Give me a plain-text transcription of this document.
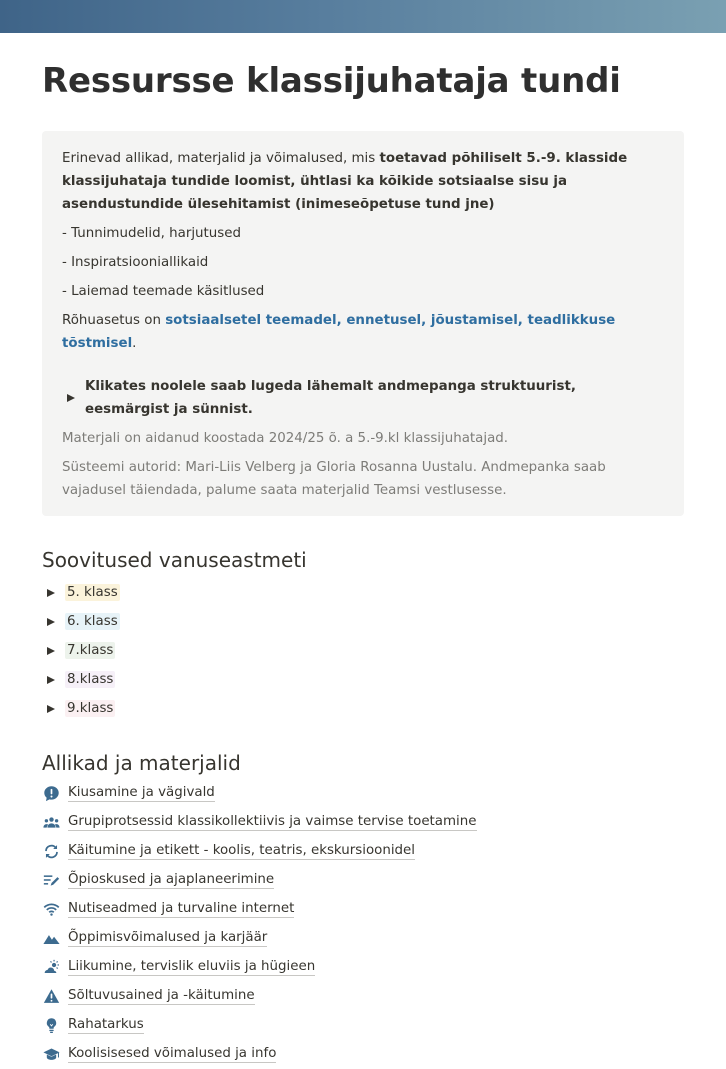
Ressursse klassijuhataja tundi

Erinevad allikad, materjalid ja võimalused, mis toetavad põhiliselt 5.-9. klasside klassijuhataja tundide loomist, ühtlasi ka kõikide sotsiaalse sisu ja asendustundide ülesehitamist (inimeseõpetuse tund jne)

- Tunnimudelid, harjutused

- Inspiratsiooniallikaid

- Laiemad teemade käsitlused

Rõhuasetus on sotsiaalsetel teemadel, ennetusel, jõustamisel, teadlikkuse tõstmisel.

Klikates noolele saab lugeda lähemalt andmepanga struktuurist, eesmärgist ja sünnist.

Materjali on aidanud koostada 2024/25 õ. a 5.-9.kl klassijuhatajad.

Süsteemi autorid: Mari-Liis Velberg ja Gloria Rosanna Uustalu. Andmepanka saab vajadusel täiendada, palume saata materjalid Teamsi vestlusesse.

Soovitused vanuseastmeti
5. klass
6. klass
7.klass
8.klass
9.klass
Allikad ja materjalid
Kiusamine ja vägivald
Grupiprotsessid klassikollektiivis ja vaimse tervise toetamine
Käitumine ja etikett - koolis, teatris, ekskursioonidel
Õpioskused ja ajaplaneerimine
Nutiseadmed ja turvaline internet
Õppimisvõimalused ja karjäär
Liikumine, tervislik eluviis ja hügieen
Sõltuvusained ja -käitumine
Rahatarkus
Koolisisesed võimalused ja info
